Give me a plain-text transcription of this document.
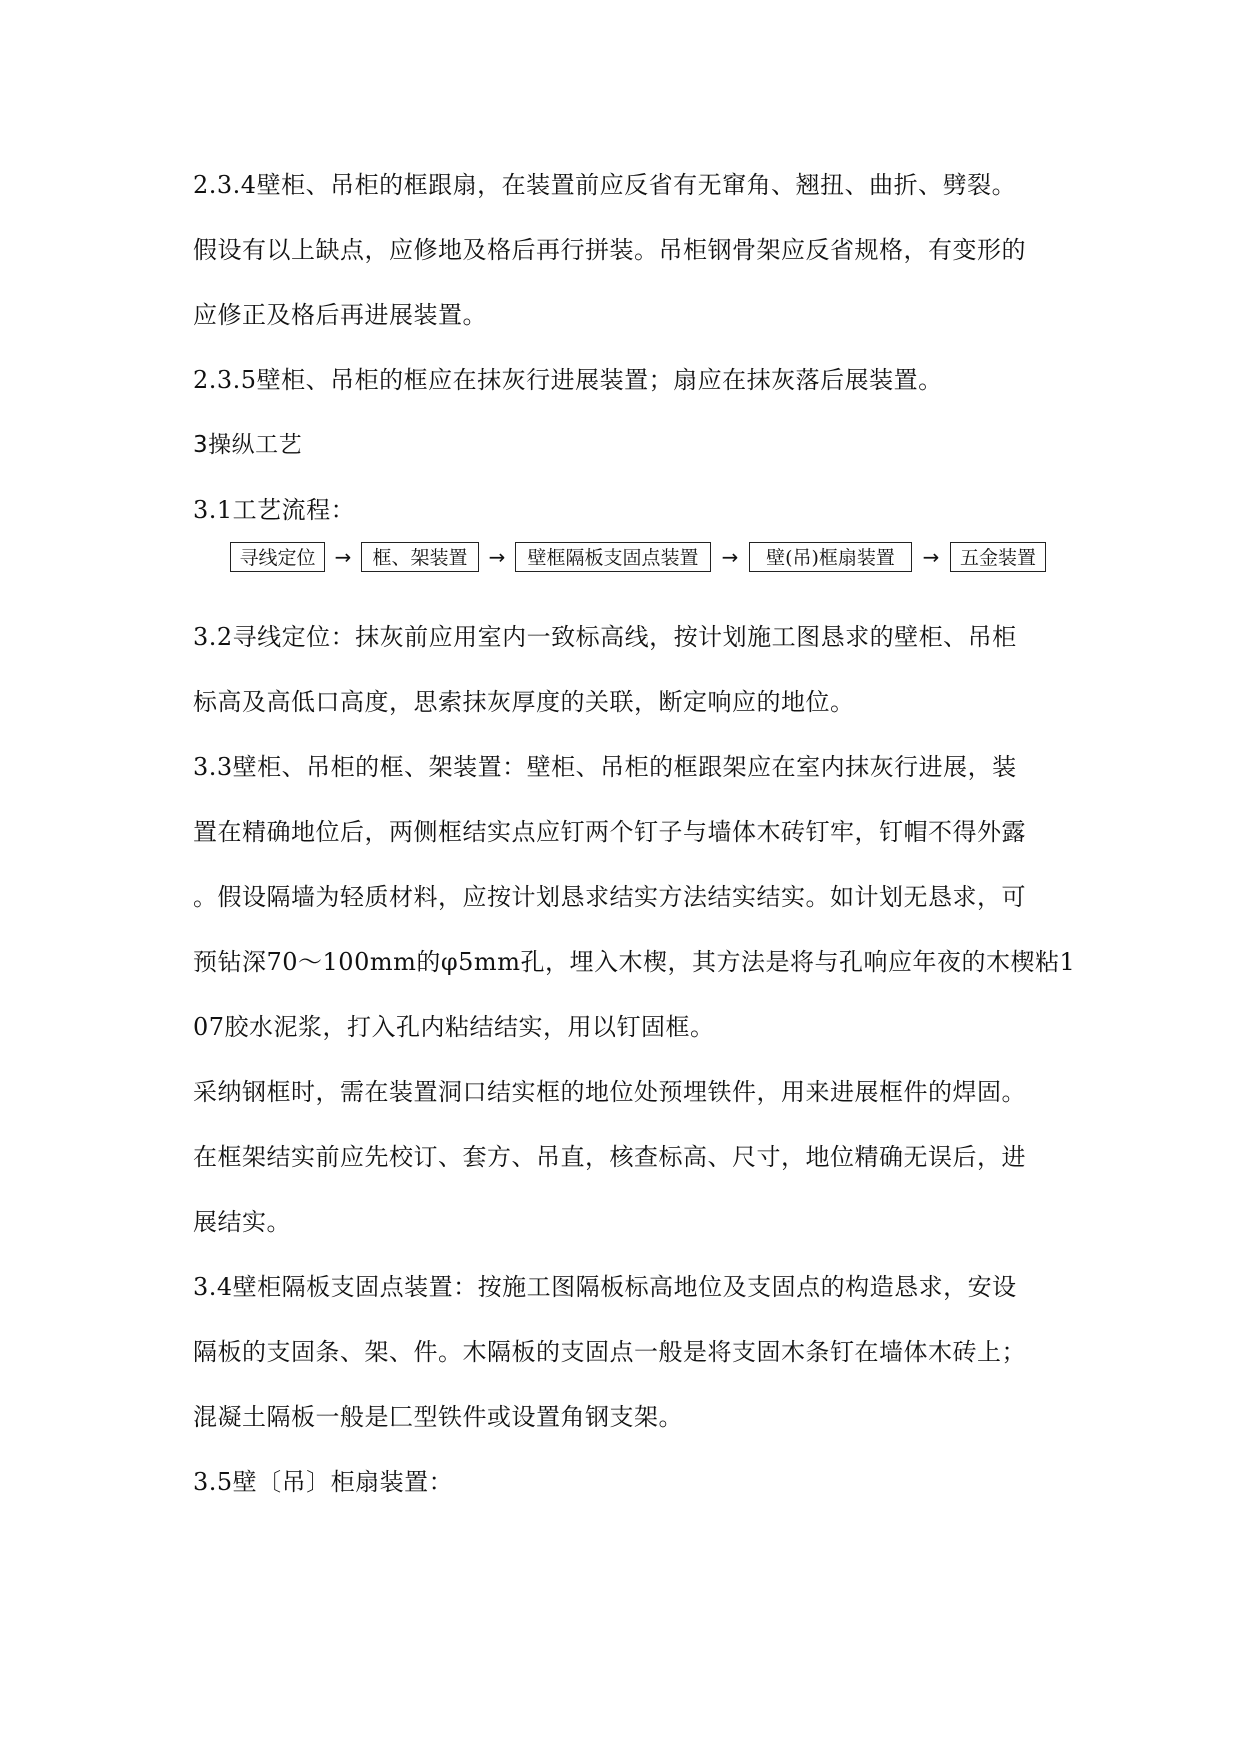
2.3.4壁柜、吊柜的框跟扇，在装置前应反省有无窜角、翘扭、曲折、劈裂。
假设有以上缺点，应修地及格后再行拼装。吊柜钢骨架应反省规格，有变形的
应修正及格后再进展装置。
2.3.5壁柜、吊柜的框应在抹灰行进展装置；扇应在抹灰落后展装置。
3操纵工艺
3.1工艺流程：
寻线定位 →	框、架装置	→	壁框隔板支固点装置	→	壁(吊)框扇装置	→	五金装置
3.2寻线定位：抹灰前应用室内一致标高线，按计划施工图恳求的壁柜、吊柜
标高及高低口高度，思索抹灰厚度的关联，断定响应的地位。
3.3壁柜、吊柜的框、架装置：壁柜、吊柜的框跟架应在室内抹灰行进展，装
置在精确地位后，两侧框结实点应钉两个钉子与墙体木砖钉牢，钉帽不得外露
。假设隔墙为轻质材料，应按计划恳求结实方法结实结实。如计划无恳求，可
预钻深70～100mm的φ5mm孔，埋入木楔，其方法是将与孔响应年夜的木楔粘1
07胶水泥浆，打入孔内粘结结实，用以钉固框。
采纳钢框时，需在装置洞口结实框的地位处预埋铁件，用来进展框件的焊固。
在框架结实前应先校订、套方、吊直，核查标高、尺寸，地位精确无误后，进
展结实。
3.4壁柜隔板支固点装置：按施工图隔板标高地位及支固点的构造恳求，安设
隔板的支固条、架、件。木隔板的支固点一般是将支固木条钉在墙体木砖上；
混凝土隔板一般是匚型铁件或设置角钢支架。
3.5壁〔吊〕柜扇装置：
